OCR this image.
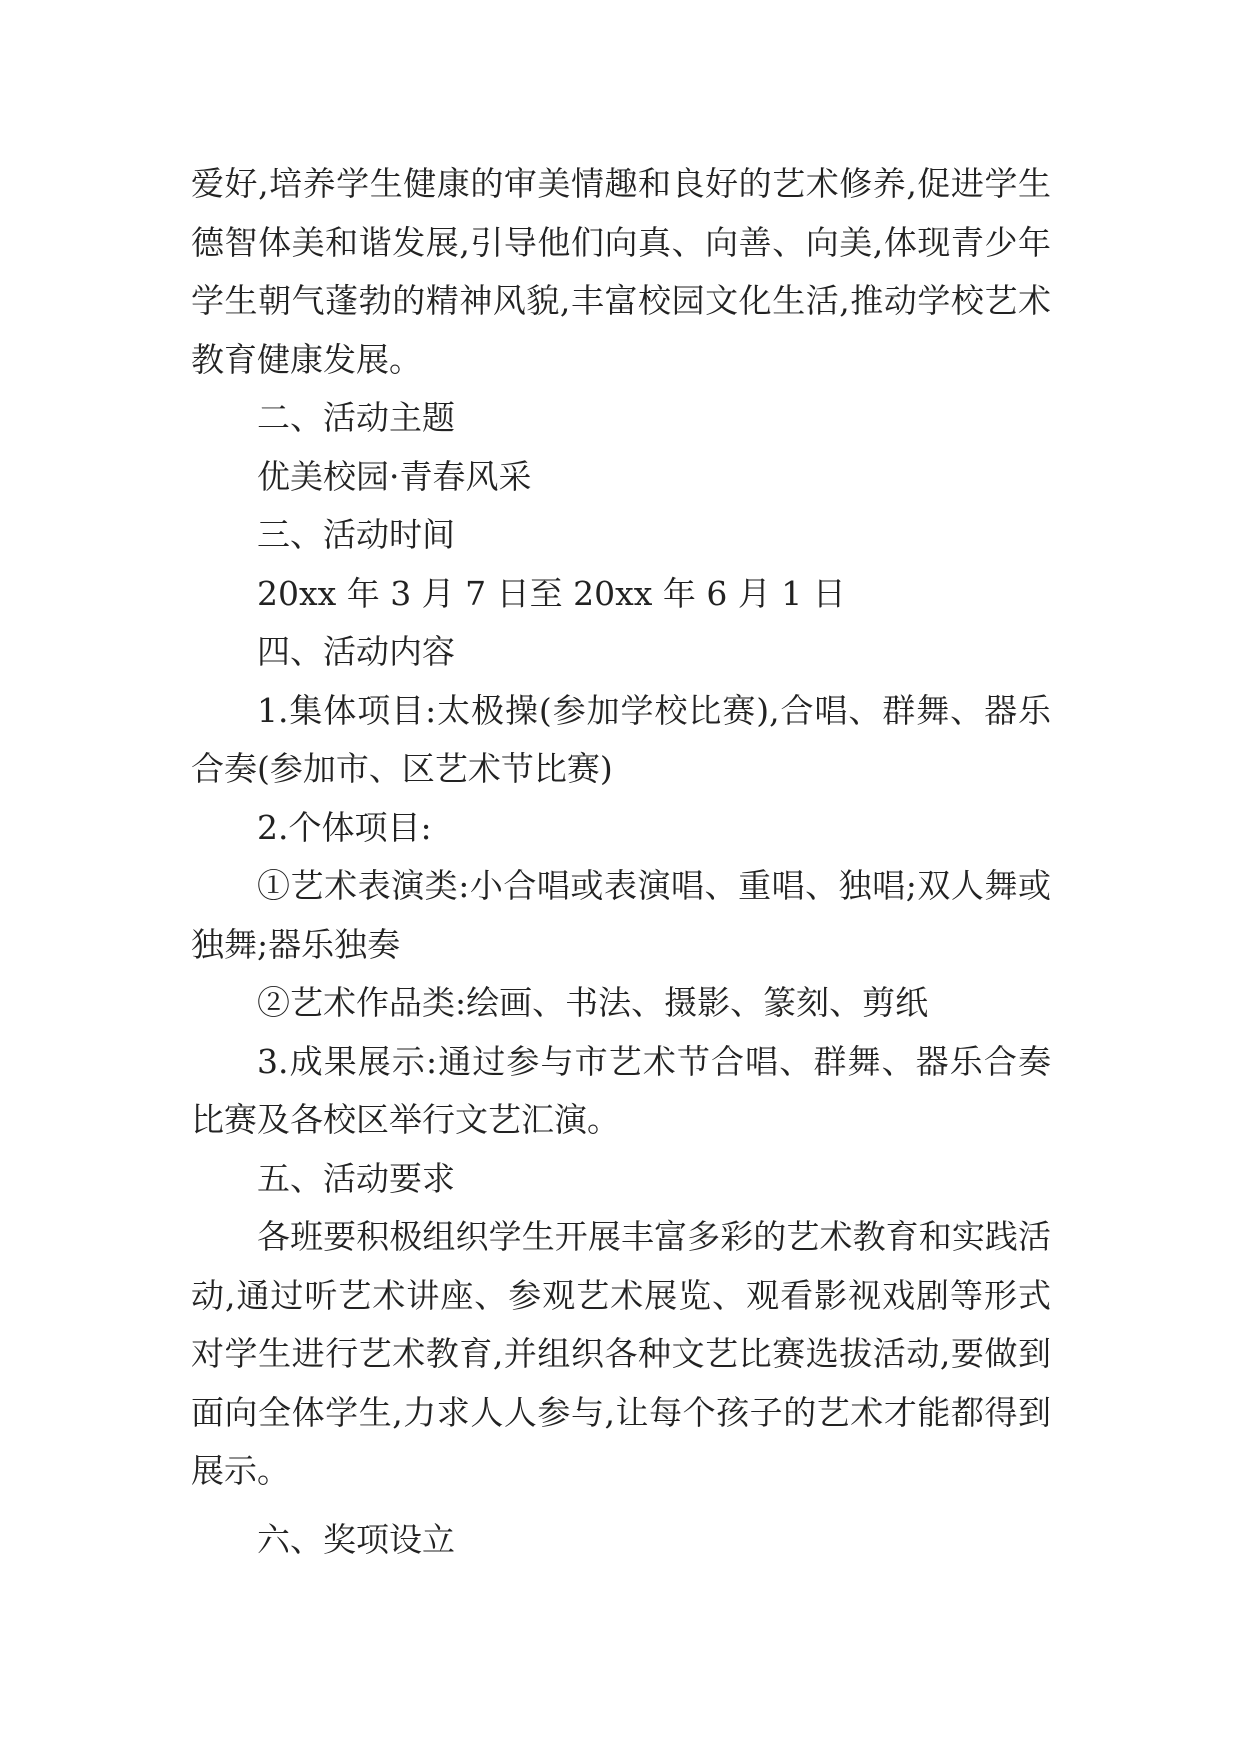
爱好,培养学生健康的审美情趣和良好的艺术修养,促进学生德智体美和谐发展,引导他们向真、向善、向美,体现青少年学生朝气蓬勃的精神风貌,丰富校园文化生活,推动学校艺术教育健康发展。

二、活动主题

优美校园·青春风采

三、活动时间

20xx 年 3 月 7 日至 20xx 年 6 月 1 日

四、活动内容

1.集体项目:太极操(参加学校比赛),合唱、群舞、器乐合奏(参加市、区艺术节比赛)

2.个体项目:

①艺术表演类:小合唱或表演唱、重唱、独唱;双人舞或独舞;器乐独奏

②艺术作品类:绘画、书法、摄影、篆刻、剪纸

3.成果展示:通过参与市艺术节合唱、群舞、器乐合奏比赛及各校区举行文艺汇演。

五、活动要求

各班要积极组织学生开展丰富多彩的艺术教育和实践活动,通过听艺术讲座、参观艺术展览、观看影视戏剧等形式对学生进行艺术教育,并组织各种文艺比赛选拔活动,要做到面向全体学生,力求人人参与,让每个孩子的艺术才能都得到展示。

六、奖项设立
